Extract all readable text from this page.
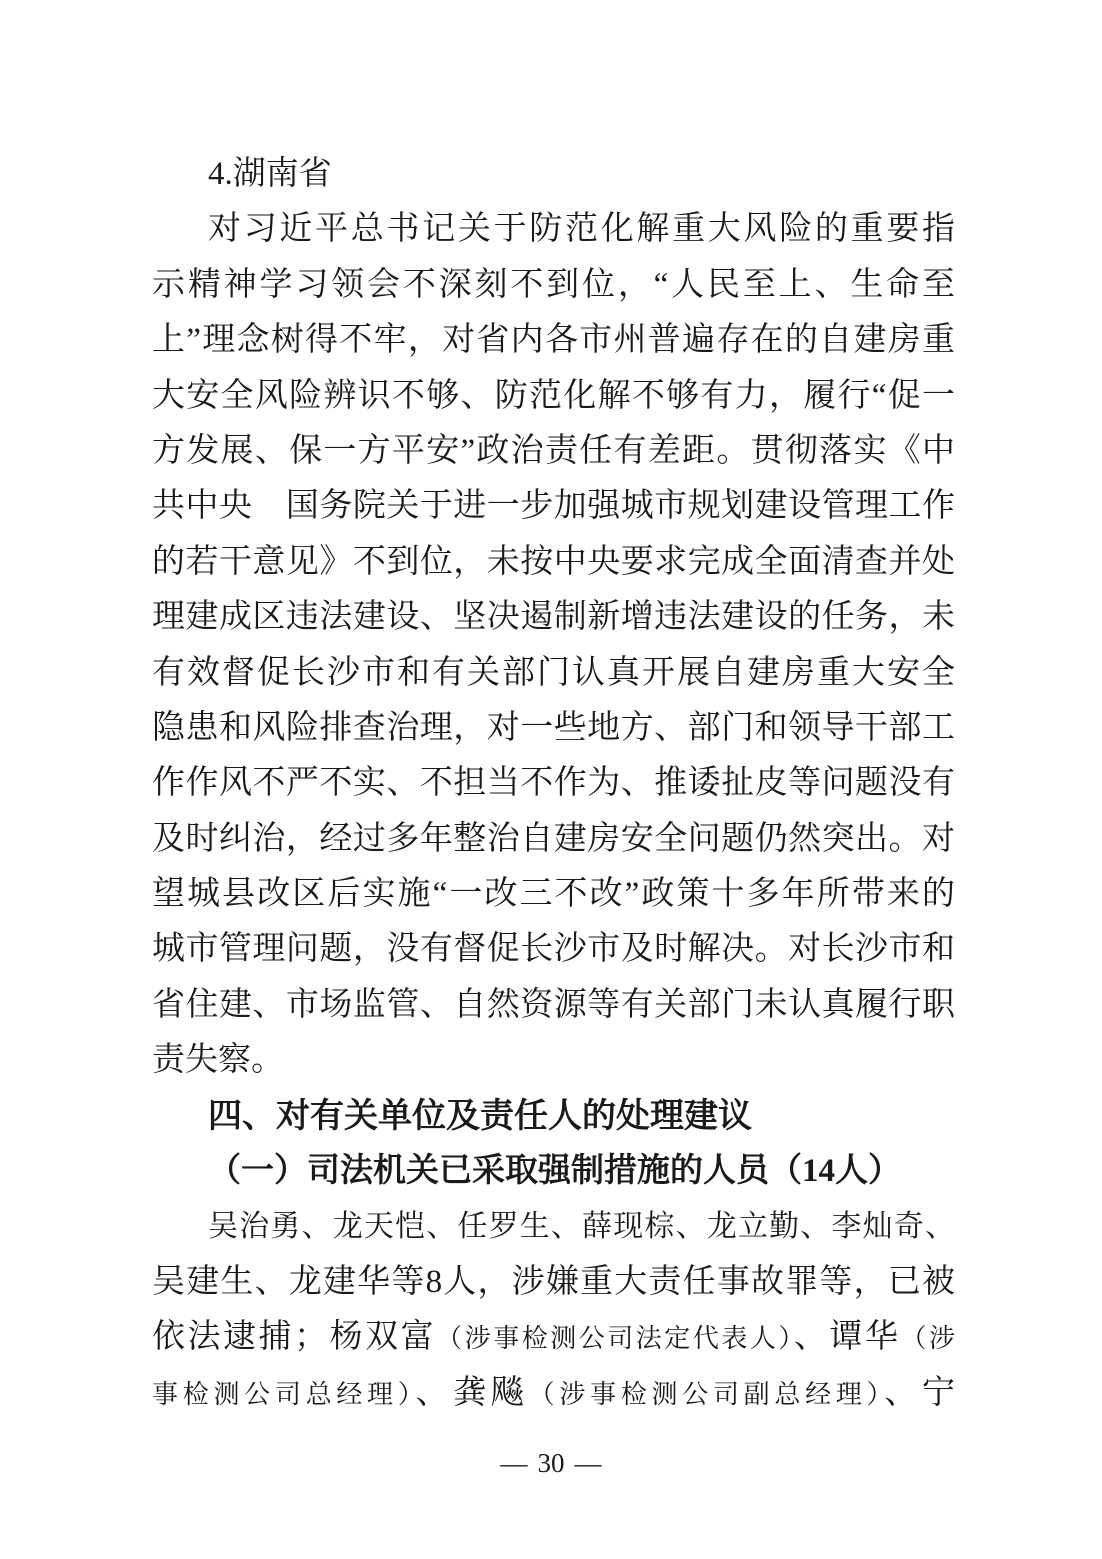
4.湖南省
对习近平总书记关于防范化解重大风险的重要指
示精神学习领会不深刻不到位，“人民至上、生命至
上”理念树得不牢，对省内各市州普遍存在的自建房重
大安全风险辨识不够、防范化解不够有力，履行“促一
方发展、保一方平安”政治责任有差距。贯彻落实《中
共中央　国务院关于进一步加强城市规划建设管理工作
的若干意见》不到位，未按中央要求完成全面清查并处
理建成区违法建设、坚决遏制新增违法建设的任务，未
有效督促长沙市和有关部门认真开展自建房重大安全
隐患和风险排查治理，对一些地方、部门和领导干部工
作作风不严不实、不担当不作为、推诿扯皮等问题没有
及时纠治，经过多年整治自建房安全问题仍然突出。对
望城县改区后实施“一改三不改”政策十多年所带来的
城市管理问题，没有督促长沙市及时解决。对长沙市和
省住建、市场监管、自然资源等有关部门未认真履行职
责失察。
四、对有关单位及责任人的处理建议
（一）司法机关已采取强制措施的人员（14人）
吴治勇、龙天恺、任罗生、薛现棕、龙立勤、李灿奇、
吴建生、龙建华等8人，涉嫌重大责任事故罪等，已被
依法逮捕；杨双富（涉事检测公司法定代表人）、谭华（涉
事检测公司总经理）、龚飚（涉事检测公司副总经理）、宁
— 30 —
